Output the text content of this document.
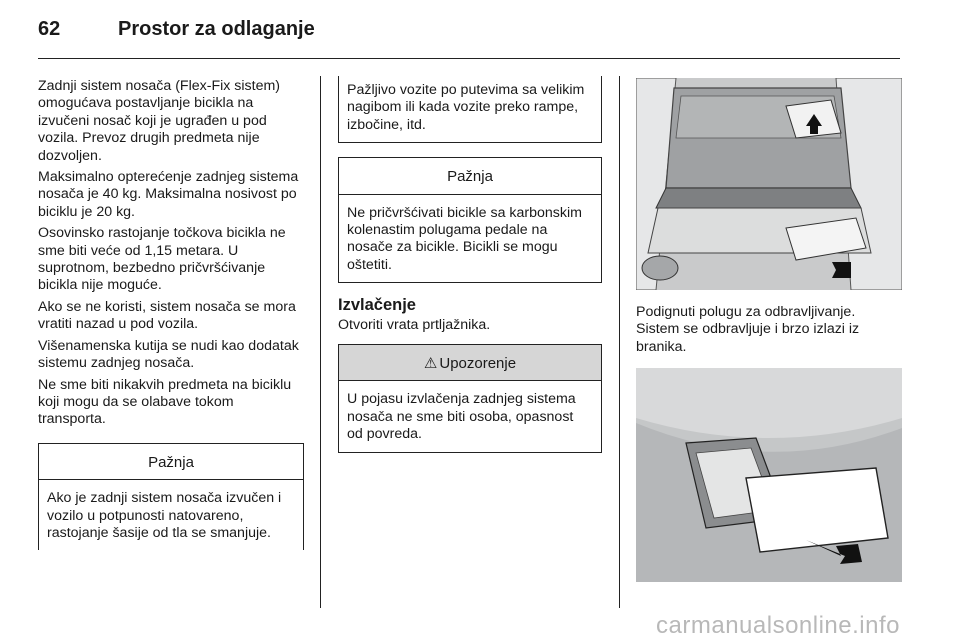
62	Prostor za odlaganje

Zadnji sistem nosača (Flex-Fix sistem) omogućava postavljanje bicikla na izvučeni nosač koji je ugrađen u pod vozila. Prevoz drugih predmeta nije dozvoljen.

Maksimalno opterećenje zadnjeg sistema nosača je 40 kg. Maksimalna nosivost po biciklu je 20 kg.

Osovinsko rastojanje točkova bicikla ne sme biti veće od 1,15 metara. U suprotnom, bezbedno pričvršćivanje bicikla nije moguće.

Ako se ne koristi, sistem nosača se mora vratiti nazad u pod vozila.

Višenamenska kutija se nudi kao dodatak sistemu zadnjeg nosača.

Ne sme biti nikakvih predmeta na biciklu koji mogu da se olabave tokom transporta.

Pažnja
Ako je zadnji sistem nosača izvučen i vozilo u potpunosti natovareno, rastojanje šasije od tla se smanjuje.
Pažljivo vozite po putevima sa velikim nagibom ili kada vozite preko rampe, izbočine, itd.
Pažnja
Ne pričvršćivati bicikle sa karbonskim kolenastim polugama pedale na nosače za bicikle. Bicikli se mogu oštetiti.
Izvlačenje

Otvoriti vrata prtljažnika.

⚠ Upozorenje
U pojasu izvlačenja zadnjeg sistema nosača ne sme biti osoba, opasnost od povreda.

Podignuti polugu za odbravljivanje. Sistem se odbravljuje i brzo izlazi iz branika.

carmanualsonline.info
